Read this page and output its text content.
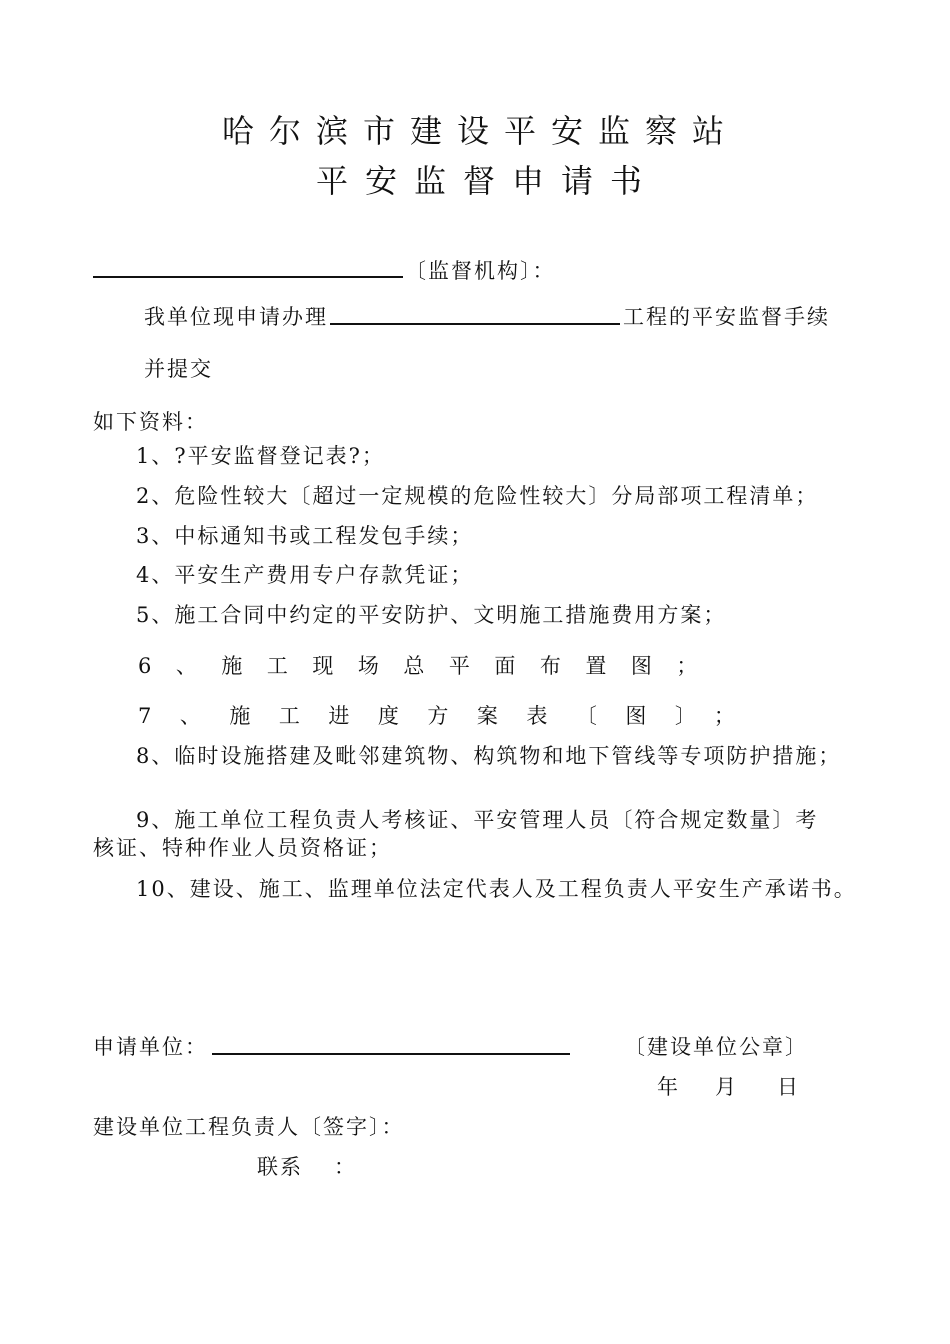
哈尔滨市建设平安监察站
平安监督申请书
〔监督机构〕：
我单位现申请办理	工程的平安监督手续
并提交
如下资料：
1、?平安监督登记表?；
2、危险性较大〔超过一定规模的危险性较大〕分局部项工程清单；
3、中标通知书或工程发包手续；
4、平安生产费用专户存款凭证；
5、施工合同中约定的平安防护、文明施工措施费用方案；
6、施工现场总平面布置图；
7、施工进度方案表〔图〕；
8、临时设施搭建及毗邻建筑物、构筑物和地下管线等专项防护措施；
9、施工单位工程负责人考核证、平安管理人员〔符合规定数量〕考
核证、特种作业人员资格证；
10、建设、施工、监理单位法定代表人及工程负责人平安生产承诺书。
申请单位：	〔建设单位公章〕
年 月 日
建设单位工程负责人〔签字〕：
联系 ：
